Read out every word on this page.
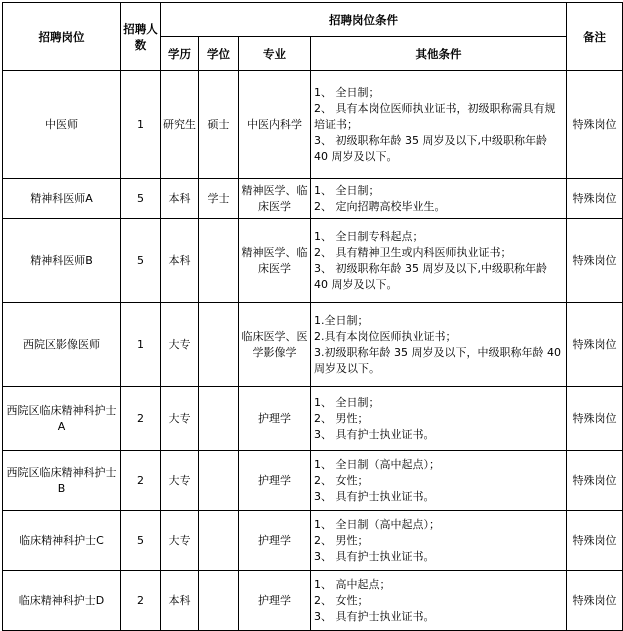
招聘岗位	招聘人数	招聘岗位条件				备注
		学历	学位	专业	其他条件	
中医师	1	研究生	硕士	中医内科学	1、 全日制；
2、 具有本岗位医师执业证书，初级职称需具有规培证书；
3、 初级职称年龄 35 周岁及以下,中级职称年龄 40 周岁及以下。	特殊岗位
精神科医师A	5	本科	学士	精神医学、临床医学	1、 全日制；
2、 定向招聘高校毕业生。	特殊岗位
精神科医师B	5	本科		精神医学、临床医学	1、 全日制专科起点；
2、 具有精神卫生或内科医师执业证书；
3、 初级职称年龄 35 周岁及以下,中级职称年龄 40 周岁及以下。	特殊岗位
西院区影像医师	1	大专		临床医学、医学影像学	1.全日制；
2.具有本岗位医师执业证书；
3.初级职称年龄 35 周岁及以下，中级职称年龄 40 周岁及以下。	特殊岗位
西院区临床精神科护士A	2	大专		护理学	1、 全日制；
2、 男性；
3、 具有护士执业证书。	特殊岗位
西院区临床精神科护士B	2	大专		护理学	1、 全日制（高中起点）；
2、 女性；
3、 具有护士执业证书。	特殊岗位
临床精神科护士C	5	大专		护理学	1、 全日制（高中起点）；
2、 男性；
3、 具有护士执业证书。	特殊岗位
临床精神科护士D	2	本科		护理学	1、 高中起点；
2、 女性；
3、 具有护士执业证书。	特殊岗位
